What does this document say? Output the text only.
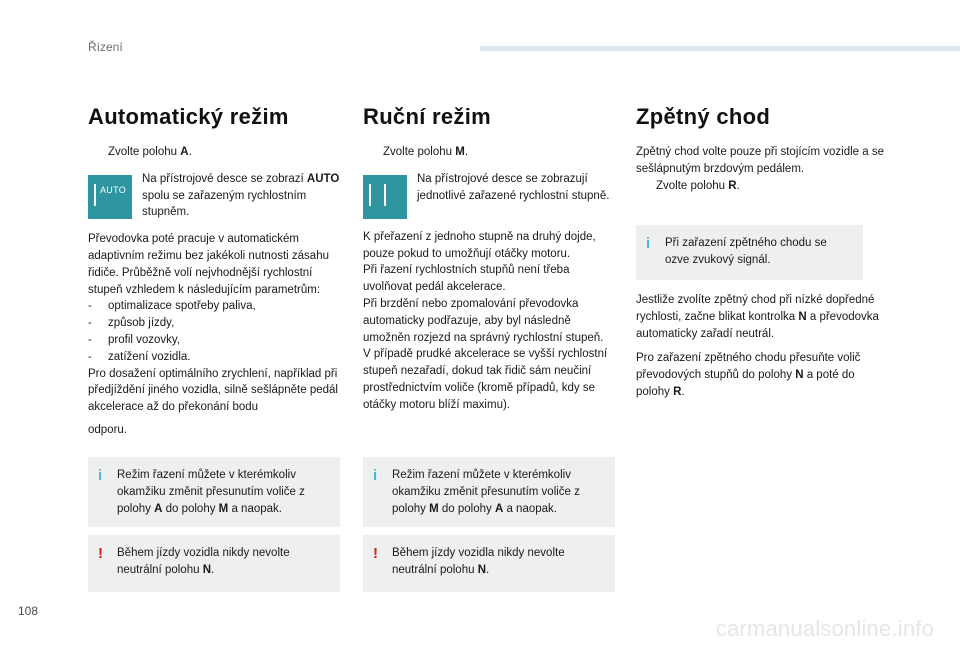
Řízení
Automatický režim

Zvolte polohu A.

AUTO

Na přístrojové desce se zobrazí AUTO spolu se zařazeným rychlostním stupněm.

Převodovka poté pracuje v automatickém adaptivním režimu bez jakékoli nutnosti zásahu řidiče. Průběžně volí nejvhodnější rychlostní stupeň vzhledem k následujícím parametrům:

- optimalizace spotřeby paliva,

- způsob jízdy,

- profil vozovky,

- zatížení vozidla.

Pro dosažení optimálního zrychlení, například při předjíždění jiného vozidla, silně sešlápněte pedál akcelerace až do překonání bodu

odporu.

i Režim řazení můžete v kterémkoliv okamžiku změnit přesunutím voliče z polohy A do polohy M a naopak.
! Během jízdy vozidla nikdy nevolte neutrální polohu N.
Ruční režim

Zvolte polohu M.

Na přístrojové desce se zobrazují jednotlivé zařazené rychlostní stupně.

K přeřazení z jednoho stupně na druhý dojde, pouze pokud to umožňují otáčky motoru.
Při řazení rychlostních stupňů není třeba uvolňovat pedál akcelerace.
Při brzdění nebo zpomalování převodovka automaticky podřazuje, aby byl následně umožněn rozjezd na správný rychlostní stupeň.
V případě prudké akcelerace se vyšší rychlostní stupeň nezařadí, dokud tak řidič sám neučiní prostřednictvím voliče (kromě případů, kdy se otáčky motoru blíží maximu).

i Režim řazení můžete v kterémkoliv okamžiku změnit přesunutím voliče z polohy M do polohy A a naopak.
! Během jízdy vozidla nikdy nevolte neutrální polohu N.
Zpětný chod

Zpětný chod volte pouze při stojícím vozidle a se sešlápnutým brzdovým pedálem.

Zvolte polohu R.

i Při zařazení zpětného chodu se ozve zvukový signál.

Jestliže zvolíte zpětný chod při nízké dopředné rychlosti, začne blikat kontrolka N a převodovka automaticky zařadí neutrál.

Pro zařazení zpětného chodu přesuňte volič převodových stupňů do polohy N a poté do polohy R.

108
carmanualsonline.info
